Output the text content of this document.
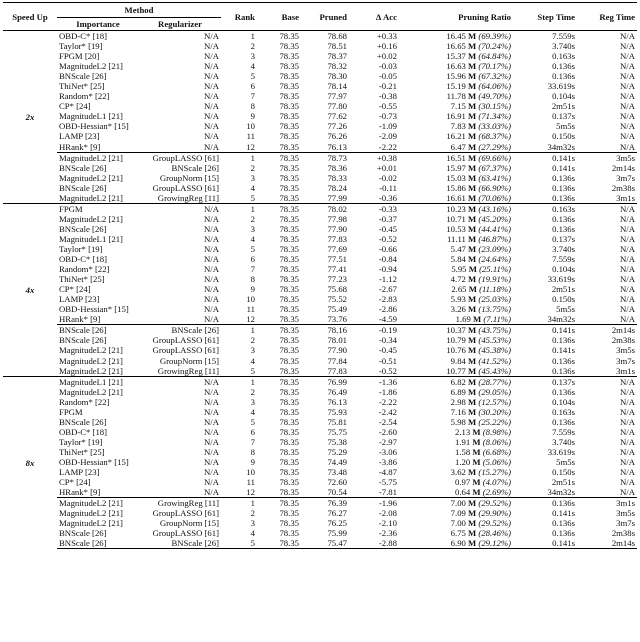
Speed Up	Method		Rank	Base	Pruned	Δ Acc	Pruning Ratio	Step Time	Reg Time
	Importance	Regularizer							
2x	OBD-C* [18]	N/A	1	78.35	78.68	+0.33	16.45 M (69.39%)	7.559s	N/A
	Taylor* [19]	N/A	2	78.35	78.51	+0.16	16.65 M (70.24%)	3.740s	N/A
	FPGM [20]	N/A	3	78.35	78.37	+0.02	15.37 M (64.84%)	0.163s	N/A
	MagnitudeL2 [21]	N/A	4	78.35	78.32	-0.03	16.63 M (70.17%)	0.136s	N/A
	BNScale [26]	N/A	5	78.35	78.30	-0.05	15.96 M (67.32%)	0.136s	N/A
	ThiNet* [25]	N/A	6	78.35	78.14	-0.21	15.19 M (64.06%)	33.619s	N/A
	Random* [22]	N/A	7	78.35	77.97	-0.38	11.78 M (49.70%)	0.104s	N/A
	CP* [24]	N/A	8	78.35	77.80	-0.55	7.15 M (30.15%)	2m51s	N/A
	MagnitudeL1 [21]	N/A	9	78.35	77.62	-0.73	16.91 M (71.34%)	0.137s	N/A
	OBD-Hessian* [15]	N/A	10	78.35	77.26	-1.09	7.83 M (33.03%)	5m5s	N/A
	LAMP [23]	N/A	11	78.35	76.26	-2.09	16.21 M (68.37%)	0.150s	N/A
	HRank* [9]	N/A	12	78.35	76.13	-2.22	6.47 M (27.29%)	34m32s	N/A
	MagnitudeL2 [21]	GroupLASSO [61]	1	78.35	78.73	+0.38	16.51 M (69.66%)	0.141s	3m5s
	BNScale [26]	BNScale [26]	2	78.35	78.36	+0.01	15.97 M (67.37%)	0.141s	2m14s
	MagnitudeL2 [21]	GroupNorm [15]	3	78.35	78.33	-0.02	15.03 M (63.41%)	0.136s	3m7s
	BNScale [26]	GroupLASSO [61]	4	78.35	78.24	-0.11	15.86 M (66.90%)	0.136s	2m38s
	MagnitudeL2 [21]	GrowingReg [11]	5	78.35	77.99	-0.36	16.61 M (70.06%)	0.136s	3m1s
4x	FPGM	N/A	1	78.35	78.02	-0.33	10.23 M (43.16%)	0.163s	N/A
	MagnitudeL2 [21]	N/A	2	78.35	77.98	-0.37	10.71 M (45.20%)	0.136s	N/A
	BNScale [26]	N/A	3	78.35	77.90	-0.45	10.53 M (44.41%)	0.136s	N/A
	MagnitudeL1 [21]	N/A	4	78.35	77.83	-0.52	11.11 M (46.87%)	0.137s	N/A
	Taylor* [19]	N/A	5	78.35	77.69	-0.66	5.47 M (23.09%)	3.740s	N/A
	OBD-C* [18]	N/A	6	78.35	77.51	-0.84	5.84 M (24.64%)	7.559s	N/A
	Random* [22]	N/A	7	78.35	77.41	-0.94	5.95 M (25.11%)	0.104s	N/A
	ThiNet* [25]	N/A	8	78.35	77.23	-1.12	4.72 M (19.91%)	33.619s	N/A
	CP* [24]	N/A	9	78.35	75.68	-2.67	2.65 M (11.18%)	2m51s	N/A
	LAMP [23]	N/A	10	78.35	75.52	-2.83	5.93 M (25.03%)	0.150s	N/A
	OBD-Hessian* [15]	N/A	11	78.35	75.49	-2.86	3.26 M (13.75%)	5m5s	N/A
	HRank* [9]	N/A	12	78.35	73.76	-4.59	1.69 M (7.11%)	34m32s	N/A
	BNScale [26]	BNScale [26]	1	78.35	78.16	-0.19	10.37 M (43.75%)	0.141s	2m14s
	BNScale [26]	GroupLASSO [61]	2	78.35	78.01	-0.34	10.79 M (45.53%)	0.136s	2m38s
	MagnitudeL2 [21]	GroupLASSO [61]	3	78.35	77.90	-0.45	10.76 M (45.38%)	0.141s	3m5s
	MagnitudeL2 [21]	GroupNorm [15]	4	78.35	77.84	-0.51	9.84 M (41.52%)	0.136s	3m7s
	MagnitudeL2 [21]	GrowingReg [11]	5	78.35	77.83	-0.52	10.77 M (45.43%)	0.136s	3m1s
8x	MagnitudeL1 [21]	N/A	1	78.35	76.99	-1.36	6.82 M (28.77%)	0.137s	N/A
	MagnitudeL2 [21]	N/A	2	78.35	76.49	-1.86	6.89 M (29.05%)	0.136s	N/A
	Random* [22]	N/A	3	78.35	76.13	-2.22	2.98 M (12.57%)	0.104s	N/A
	FPGM	N/A	4	78.35	75.93	-2.42	7.16 M (30.20%)	0.163s	N/A
	BNScale [26]	N/A	5	78.35	75.81	-2.54	5.98 M (25.22%)	0.136s	N/A
	OBD-C* [18]	N/A	6	78.35	75.75	-2.60	2.13 M (8.98%)	7.559s	N/A
	Taylor* [19]	N/A	7	78.35	75.38	-2.97	1.91 M (8.06%)	3.740s	N/A
	ThiNet* [25]	N/A	8	78.35	75.29	-3.06	1.58 M (6.68%)	33.619s	N/A
	OBD-Hessian* [15]	N/A	9	78.35	74.49	-3.86	1.20 M (5.06%)	5m5s	N/A
	LAMP [23]	N/A	10	78.35	73.48	-4.87	3.62 M (15.27%)	0.150s	N/A
	CP* [24]	N/A	11	78.35	72.60	-5.75	0.97 M (4.07%)	2m51s	N/A
	HRank* [9]	N/A	12	78.35	70.54	-7.81	0.64 M (2.69%)	34m32s	N/A
	MagnitudeL2 [21]	GrowingReg [11]	1	78.35	76.39	-1.96	7.00 M (29.52%)	0.136s	3m1s
	MagnitudeL2 [21]	GroupLASSO [61]	2	78.35	76.27	-2.08	7.09 M (29.90%)	0.141s	3m5s
	MagnitudeL2 [21]	GroupNorm [15]	3	78.35	76.25	-2.10	7.00 M (29.52%)	0.136s	3m7s
	BNScale [26]	GroupLASSO [61]	4	78.35	75.99	-2.36	6.75 M (28.46%)	0.136s	2m38s
	BNScale [26]	BNScale [26]	5	78.35	75.47	-2.88	6.90 M (29.12%)	0.141s	2m14s
